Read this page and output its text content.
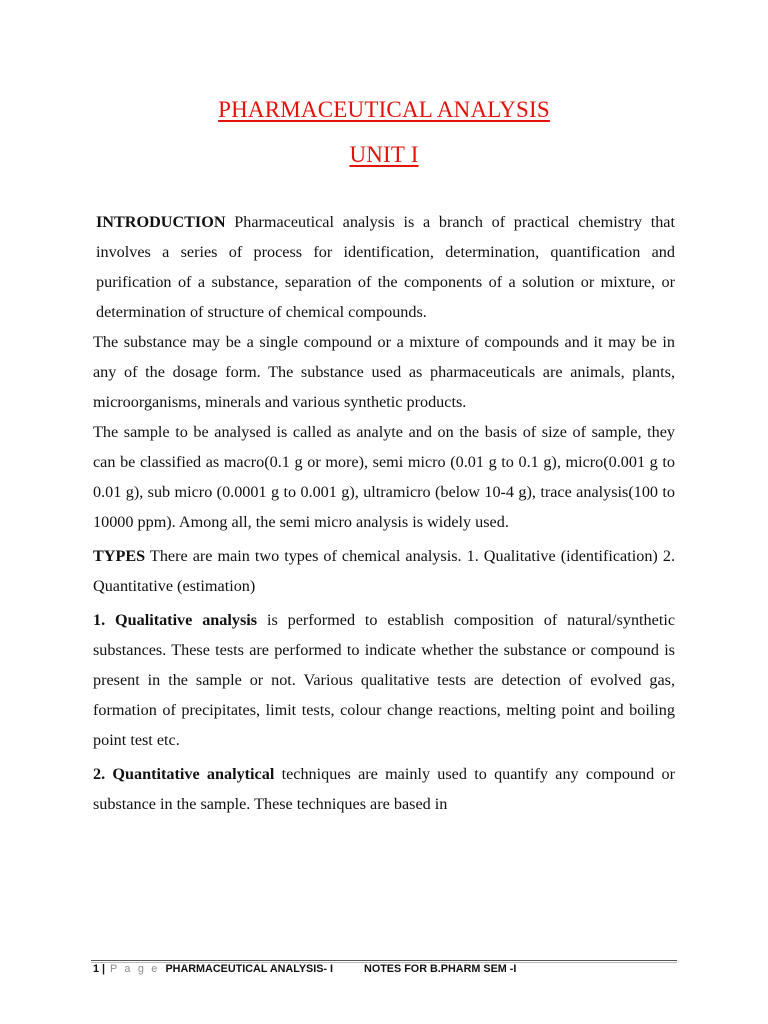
PHARMACEUTICAL ANALYSIS
UNIT I

INTRODUCTION Pharmaceutical analysis is a branch of practical chemistry that involves a series of process for identification, determination, quantification and purification of a substance, separation of the components of a solution or mixture, or determination of structure of chemical compounds.

The substance may be a single compound or a mixture of compounds and it may be in any of the dosage form. The substance used as pharmaceuticals are animals, plants, microorganisms, minerals and various synthetic products.

The sample to be analysed is called as analyte and on the basis of size of sample, they can be classified as macro(0.1 g or more), semi micro (0.01 g to 0.1 g), micro(0.001 g to 0.01 g), sub micro (0.0001 g to 0.001 g), ultramicro (below 10-4 g), trace analysis(100 to 10000 ppm). Among all, the semi micro analysis is widely used.

TYPES There are main two types of chemical analysis. 1. Qualitative (identification) 2. Quantitative (estimation)

1. Qualitative analysis is performed to establish composition of natural/synthetic substances. These tests are performed to indicate whether the substance or compound is present in the sample or not. Various qualitative tests are detection of evolved gas, formation of precipitates, limit tests, colour change reactions, melting point and boiling point test etc.

2. Quantitative analytical techniques are mainly used to quantify any compound or substance in the sample. These techniques are based in

1 | P a g e PHARMACEUTICAL ANALYSIS- I	NOTES FOR B.PHARM SEM -I
